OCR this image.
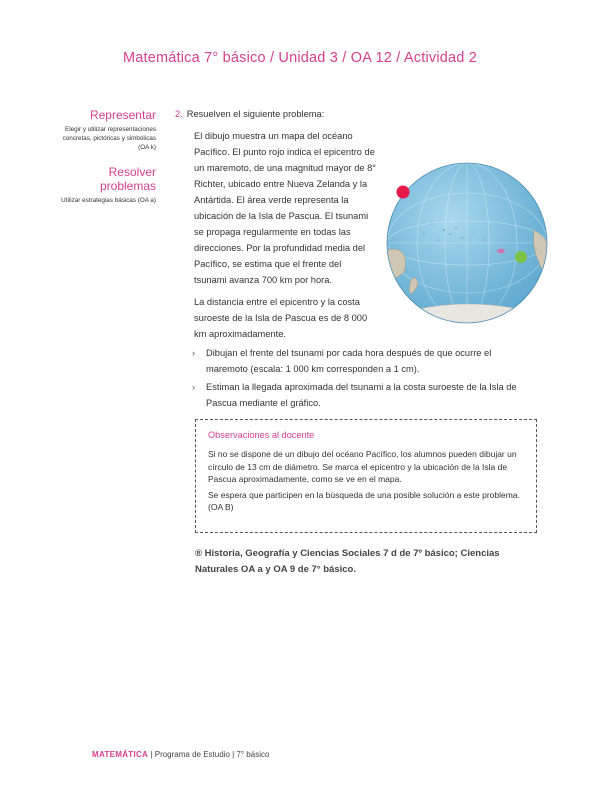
Matemática 7° básico / Unidad 3 / OA 12 / Actividad 2
Representar
Elegir y utilizar representaciones concretas, pictóricas y simbólicas (OA k)
Resolver problemas
Utilizar estrategias básicas (OA a)
2. Resuelven el siguiente problema:
El dibujo muestra un mapa del océano Pacífico. El punto rojo indica el epicentro de un maremoto, de una magnitud mayor de 8° Richter, ubicado entre Nueva Zelanda y la Antártida. El área verde representa la ubicación de la Isla de Pascua. El tsunami se propaga regularmente en todas las direcciones. Por la profundidad media del Pacífico, se estima que el frente del tsunami avanza 700 km por hora.
La distancia entre el epicentro y la costa suroeste de la Isla de Pascua es de 8 000 km aproximadamente.
› Dibujan el frente del tsunami por cada hora después de que ocurre el maremoto (escala: 1 000 km corresponden a 1 cm).
› Estiman la llegada aproximada del tsunami a la costa suroeste de la Isla de Pascua mediante el gráfico.
Observaciones al docente

Si no se dispone de un dibujo del océano Pacífico, los alumnos pueden dibujar un círculo de 13 cm de diámetro. Se marca el epicentro y la ubicación de la Isla de Pascua aproximadamente, como se ve en el mapa.

Se espera que participen en la búsqueda de una posible solución a este problema. (OA B)

® Historia, Geografía y Ciencias Sociales 7 d de 7º básico; Ciencias Naturales OA a y OA 9 de 7° básico.
MATEMÁTICA | Programa de Estudio | 7° básico
